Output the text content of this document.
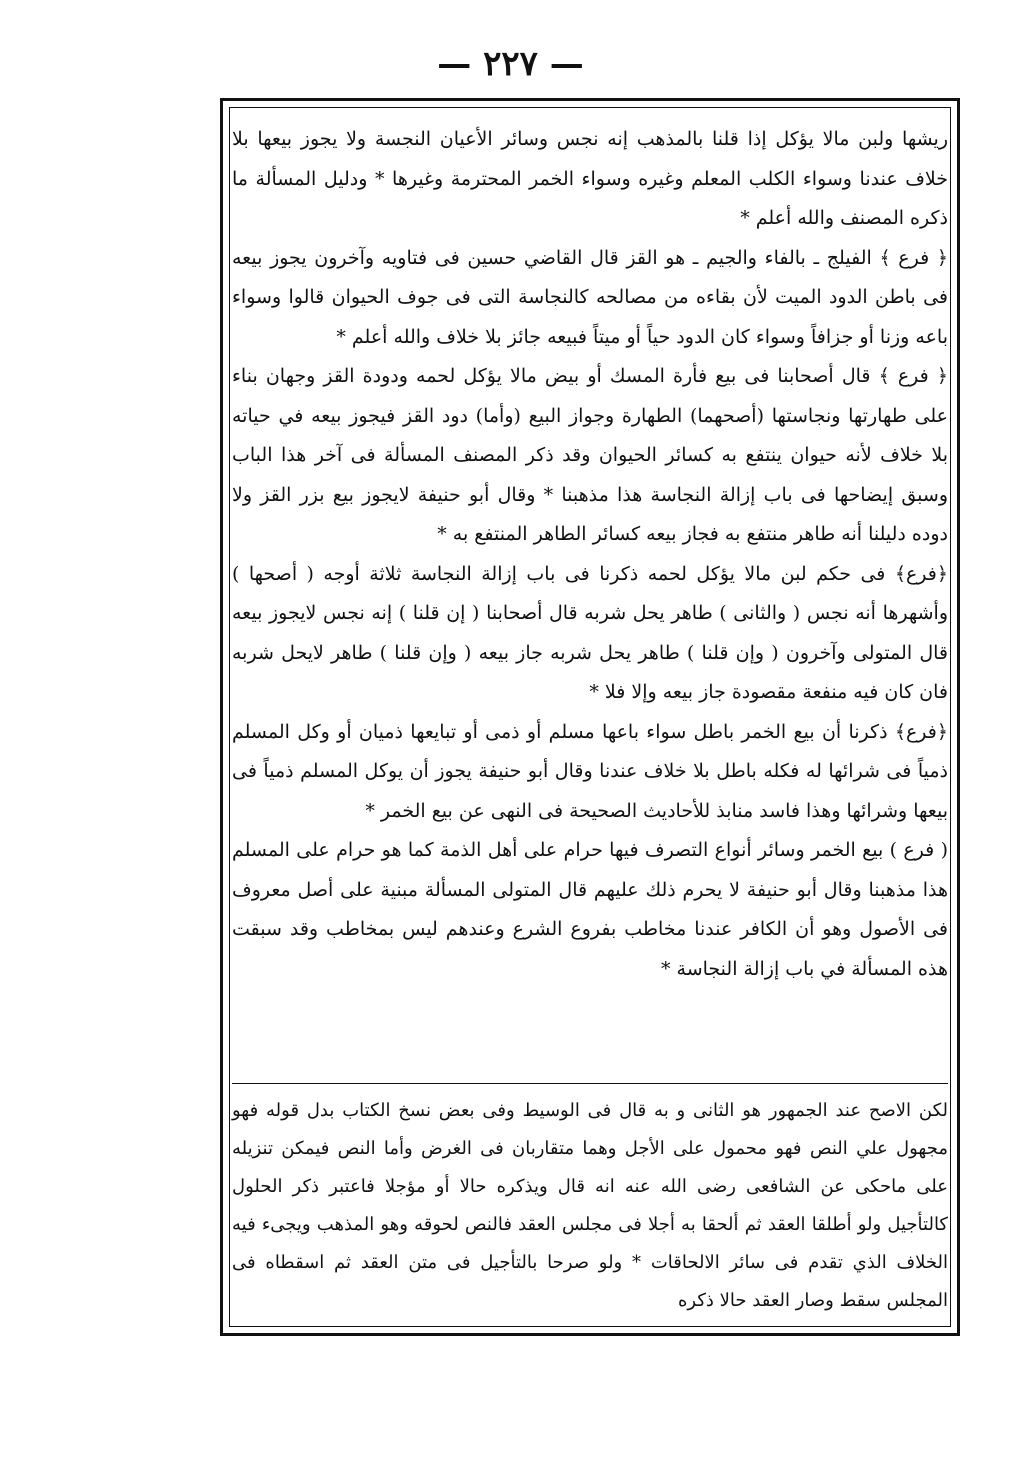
— ٢٢٧ —

ريشها ولبن مالا يؤكل إذا قلنا بالمذهب إنه نجس وسائر الأعيان النجسة ولا يجوز بيعها بلا خلاف عندنا وسواء الكلب المعلم وغيره وسواء الخمر المحترمة وغيرها * ودليل المسألة ما ذكره المصنف والله أعلم *

﴿ فرع ﴾ الفيلج ـ بالفاء والجيم ـ هو القز قال القاضي حسين فى فتاويه وآخرون يجوز بيعه فى باطن الدود الميت لأن بقاءه من مصالحه كالنجاسة التى فى جوف الحيوان قالوا وسواء باعه وزنا أو جزافاً وسواء كان الدود حياً أو ميتاً فبيعه جائز بلا خلاف والله أعلم *

﴿ فرع ﴾ قال أصحابنا فى بيع فأرة المسك أو بيض مالا يؤكل لحمه ودودة القز وجهان بناء على طهارتها ونجاستها (أصحهما) الطهارة وجواز البيع (وأما) دود القز فيجوز بيعه في حياته بلا خلاف لأنه حيوان ينتفع به كسائر الحيوان وقد ذكر المصنف المسألة فى آخر هذا الباب وسبق إيضاحها فى باب إزالة النجاسة هذا مذهبنا * وقال أبو حنيفة لايجوز بيع بزر القز ولا دوده دليلنا أنه طاهر منتفع به فجاز بيعه كسائر الطاهر المنتفع به *

﴿فرع﴾ فى حكم لبن مالا يؤكل لحمه ذكرنا فى باب إزالة النجاسة ثلاثة أوجه ( أصحها ) وأشهرها أنه نجس ( والثانى ) طاهر يحل شربه قال أصحابنا ( إن قلنا ) إنه نجس لايجوز بيعه قال المتولى وآخرون ( وإن قلنا ) طاهر يحل شربه جاز بيعه ( وإن قلنا ) طاهر لايحل شربه فان كان فيه منفعة مقصودة جاز بيعه وإلا فلا *

﴿فرع﴾ ذكرنا أن بيع الخمر باطل سواء باعها مسلم أو ذمى أو تبايعها ذميان أو وكل المسلم ذمياً فى شرائها له فكله باطل بلا خلاف عندنا وقال أبو حنيفة يجوز أن يوكل المسلم ذمياً فى بيعها وشرائها وهذا فاسد منابذ للأحاديث الصحيحة فى النهى عن بيع الخمر *

( فرع ) بيع الخمر وسائر أنواع التصرف فيها حرام على أهل الذمة كما هو حرام على المسلم هذا مذهبنا وقال أبو حنيفة لا يحرم ذلك عليهم قال المتولى المسألة مبنية على أصل معروف فى الأصول وهو أن الكافر عندنا مخاطب بفروع الشرع وعندهم ليس بمخاطب وقد سبقت هذه المسألة في باب إزالة النجاسة *

لكن الاصح عند الجمهور هو الثانى و به قال فى الوسيط وفى بعض نسخ الكتاب بدل قوله فهو مجهول علي النص فهو محمول على الأجل وهما متقاربان فى الغرض وأما النص فيمكن تنزيله على ماحكى عن الشافعى رضى الله عنه انه قال ويذكره حالا أو مؤجلا فاعتبر ذكر الحلول كالتأجيل ولو أطلقا العقد ثم ألحقا به أجلا فى مجلس العقد فالنص لحوقه وهو المذهب ويجىء فيه الخلاف الذي تقدم فى سائر الالحاقات * ولو صرحا بالتأجيل فى متن العقد ثم اسقطاه فى المجلس سقط وصار العقد حالا ذكره
